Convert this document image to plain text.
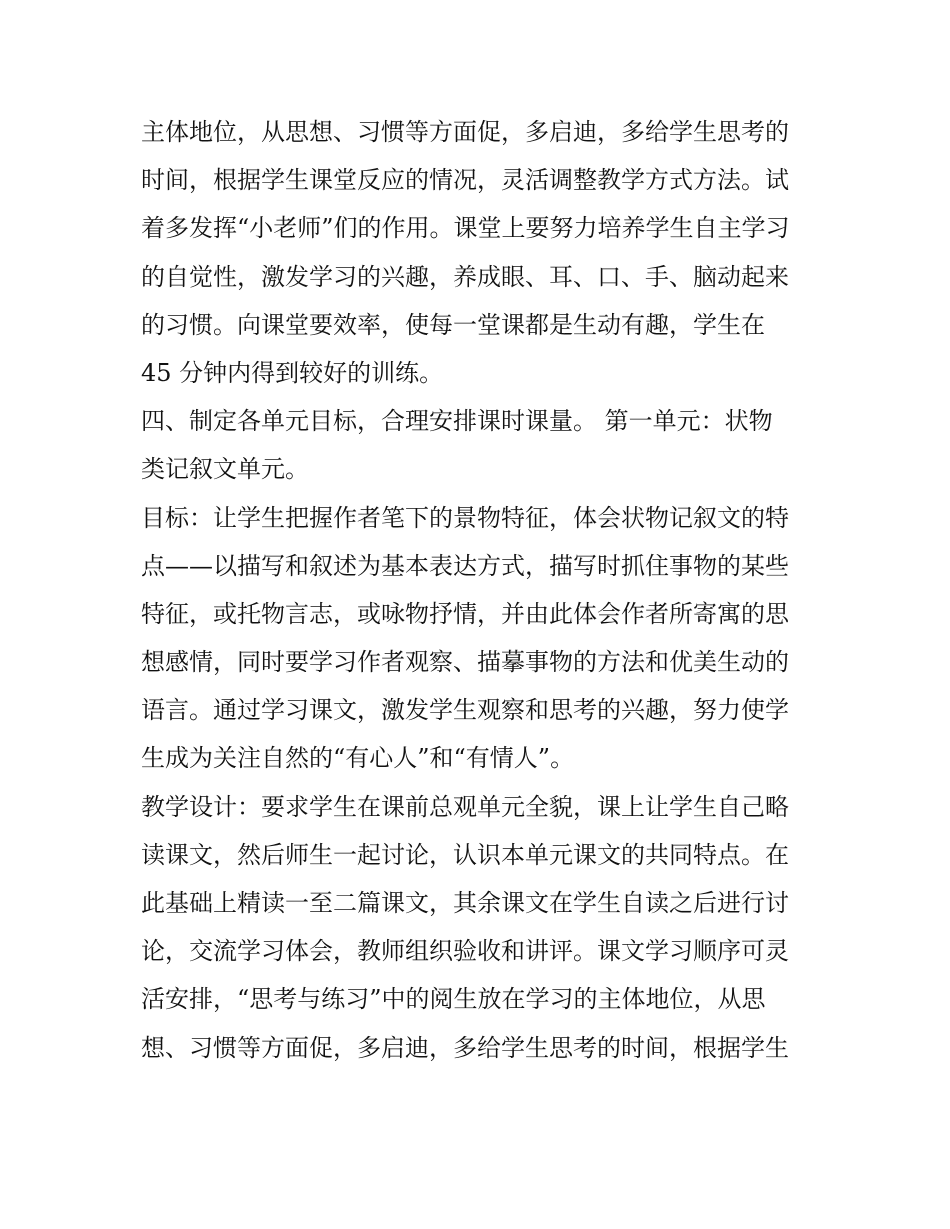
主体地位，从思想、习惯等方面促，多启迪，多给学生思考的
时间，根据学生课堂反应的情况，灵活调整教学方式方法。试
着多发挥“小老师”们的作用。课堂上要努力培养学生自主学习
的自觉性，激发学习的兴趣，养成眼、耳、口、手、脑动起来
的习惯。向课堂要效率，使每一堂课都是生动有趣，学生在
45 分钟内得到较好的训练。
四、制定各单元目标，合理安排课时课量。 第一单元：状物
类记叙文单元。
目标：让学生把握作者笔下的景物特征，体会状物记叙文的特
点——以描写和叙述为基本表达方式，描写时抓住事物的某些
特征，或托物言志，或咏物抒情，并由此体会作者所寄寓的思
想感情，同时要学习作者观察、描摹事物的方法和优美生动的
语言。通过学习课文，激发学生观察和思考的兴趣，努力使学
生成为关注自然的“有心人”和“有情人”。
教学设计：要求学生在课前总观单元全貌，课上让学生自己略
读课文，然后师生一起讨论，认识本单元课文的共同特点。在
此基础上精读一至二篇课文，其余课文在学生自读之后进行讨
论，交流学习体会，教师组织验收和讲评。课文学习顺序可灵
活安排，“思考与练习”中的阅生放在学习的主体地位，从思
想、习惯等方面促，多启迪，多给学生思考的时间，根据学生
